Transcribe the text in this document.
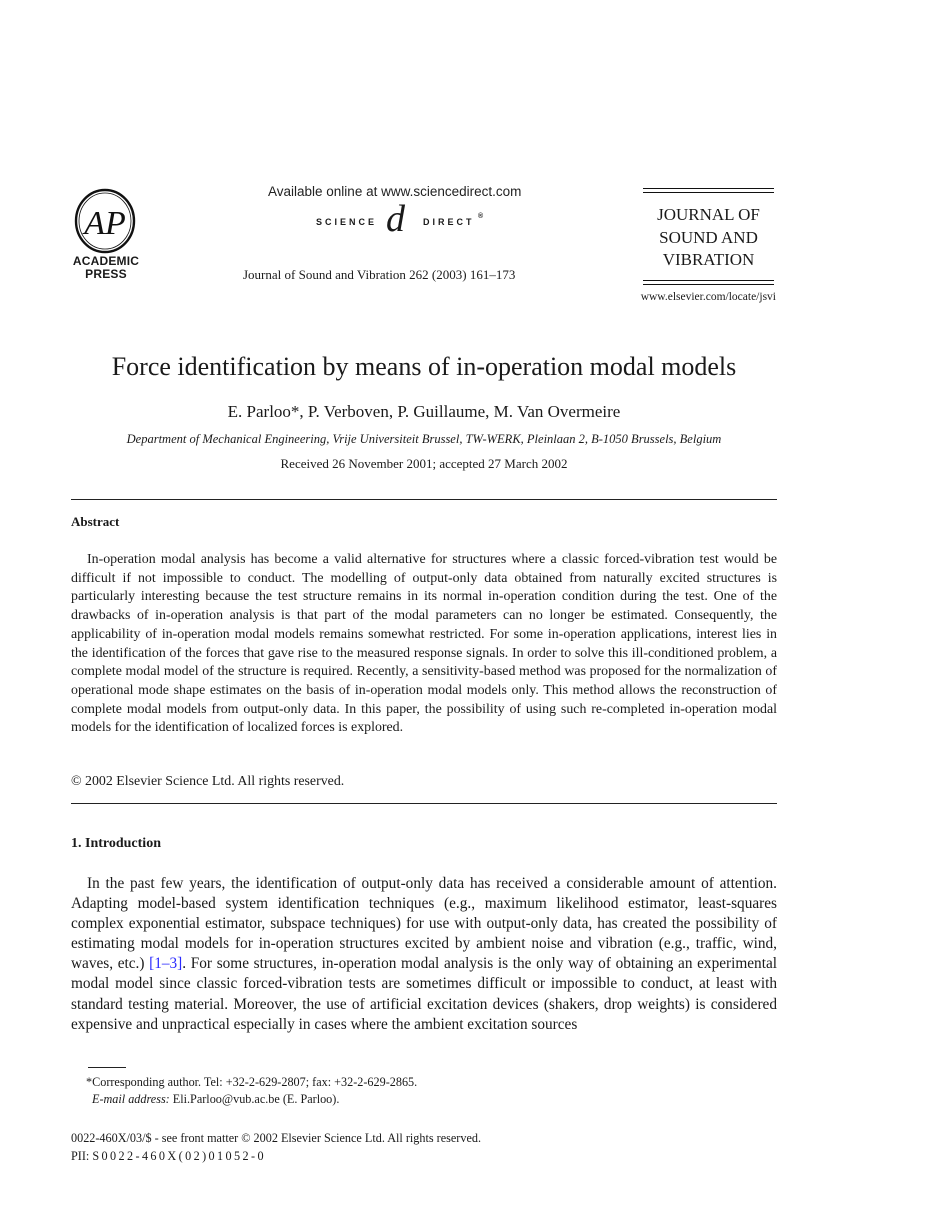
AP
ACADEMIC
PRESS
Available online at www.sciencedirect.com
SCIENCE d DIRECT
®
Journal of Sound and Vibration 262 (2003) 161–173
JOURNAL OF
SOUND AND
VIBRATION
www.elsevier.com/locate/jsvi
Force identification by means of in-operation modal models
E. Parloo*, P. Verboven, P. Guillaume, M. Van Overmeire
Department of Mechanical Engineering, Vrije Universiteit Brussel, TW-WERK, Pleinlaan 2, B-1050 Brussels, Belgium
Received 26 November 2001; accepted 27 March 2002
Abstract
In-operation modal analysis has become a valid alternative for structures where a classic forced-vibration test would be difficult if not impossible to conduct. The modelling of output-only data obtained from naturally excited structures is particularly interesting because the test structure remains in its normal in-operation condition during the test. One of the drawbacks of in-operation analysis is that part of the modal parameters can no longer be estimated. Consequently, the applicability of in-operation modal models remains somewhat restricted. For some in-operation applications, interest lies in the identification of the forces that gave rise to the measured response signals. In order to solve this ill-conditioned problem, a complete modal model of the structure is required. Recently, a sensitivity-based method was proposed for the normalization of operational mode shape estimates on the basis of in-operation modal models only. This method allows the reconstruction of complete modal models from output-only data. In this paper, the possibility of using such re-completed in-operation modal models for the identification of localized forces is explored.
© 2002 Elsevier Science Ltd. All rights reserved.
1. Introduction
In the past few years, the identification of output-only data has received a considerable amount of attention. Adapting model-based system identification techniques (e.g., maximum likelihood estimator, least-squares complex exponential estimator, subspace techniques) for use with output-only data, has created the possibility of estimating modal models for in-operation structures excited by ambient noise and vibration (e.g., traffic, wind, waves, etc.) [1–3]. For some structures, in-operation modal analysis is the only way of obtaining an experimental modal model since classic forced-vibration tests are sometimes difficult or impossible to conduct, at least with standard testing material. Moreover, the use of artificial excitation devices (shakers, drop weights) is considered expensive and unpractical especially in cases where the ambient excitation sources
*Corresponding author. Tel: +32-2-629-2807; fax: +32-2-629-2865.
E-mail address: Eli.Parloo@vub.ac.be (E. Parloo).
0022-460X/03/$ - see front matter © 2002 Elsevier Science Ltd. All rights reserved.
PII: S0022-460X(02)01052-0
